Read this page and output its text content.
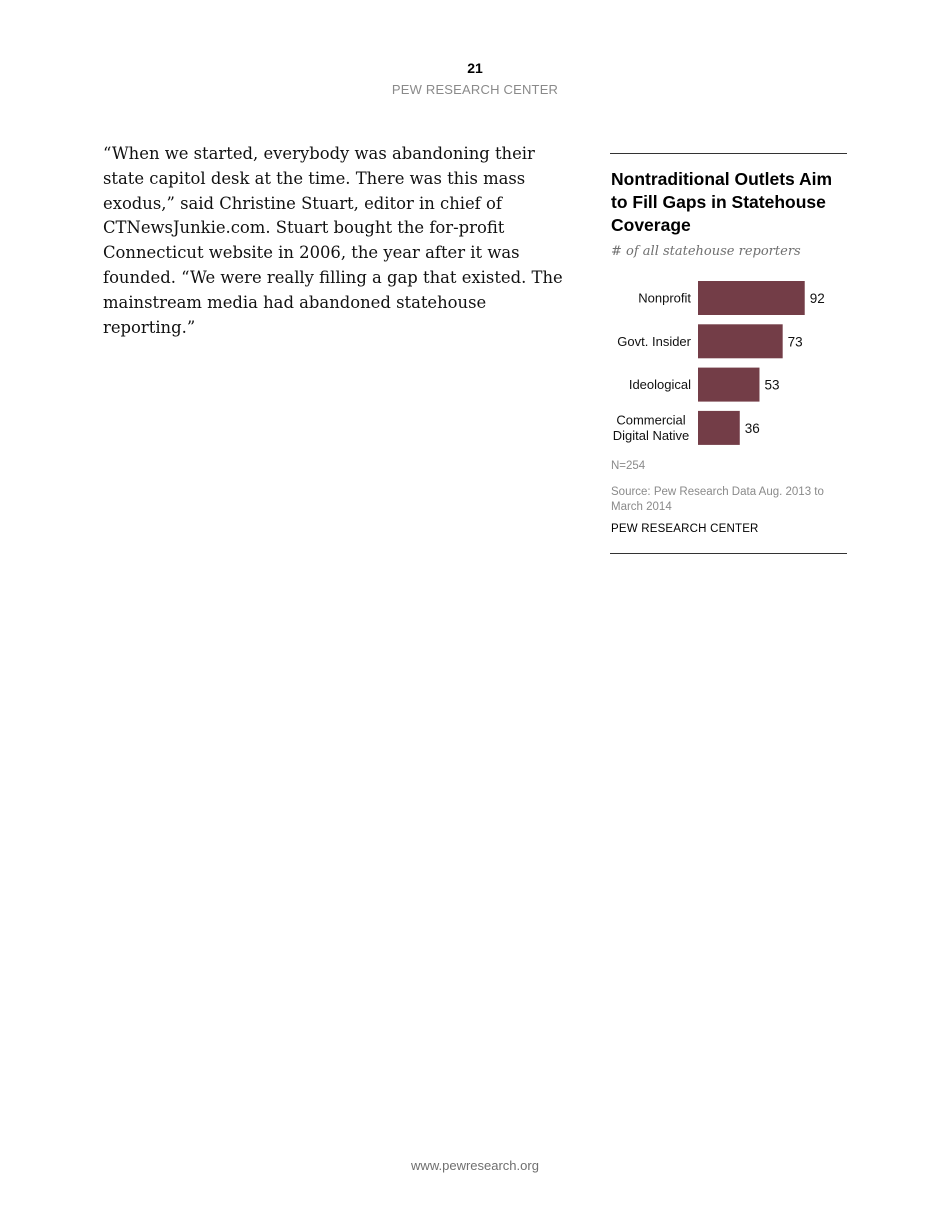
21
PEW RESEARCH CENTER

“When we started, everybody was abandoning their state capitol desk at the time. There was this mass exodus,” said Christine Stuart, editor in chief of CTNewsJunkie.com. Stuart bought the for-profit Connecticut website in 2006, the year after it was founded. “We were really filling a gap that existed. The mainstream media had abandoned statehouse reporting.”

Nontraditional Outlets Aim to Fill Gaps in Statehouse Coverage
# of all statehouse reporters
92
Nonprofit
73
Govt. Insider
53
Ideological
36
Commercial Digital Native
N=254
Source: Pew Research Data Aug. 2013 to March 2014
PEW RESEARCH CENTER
www.pewresearch.org
